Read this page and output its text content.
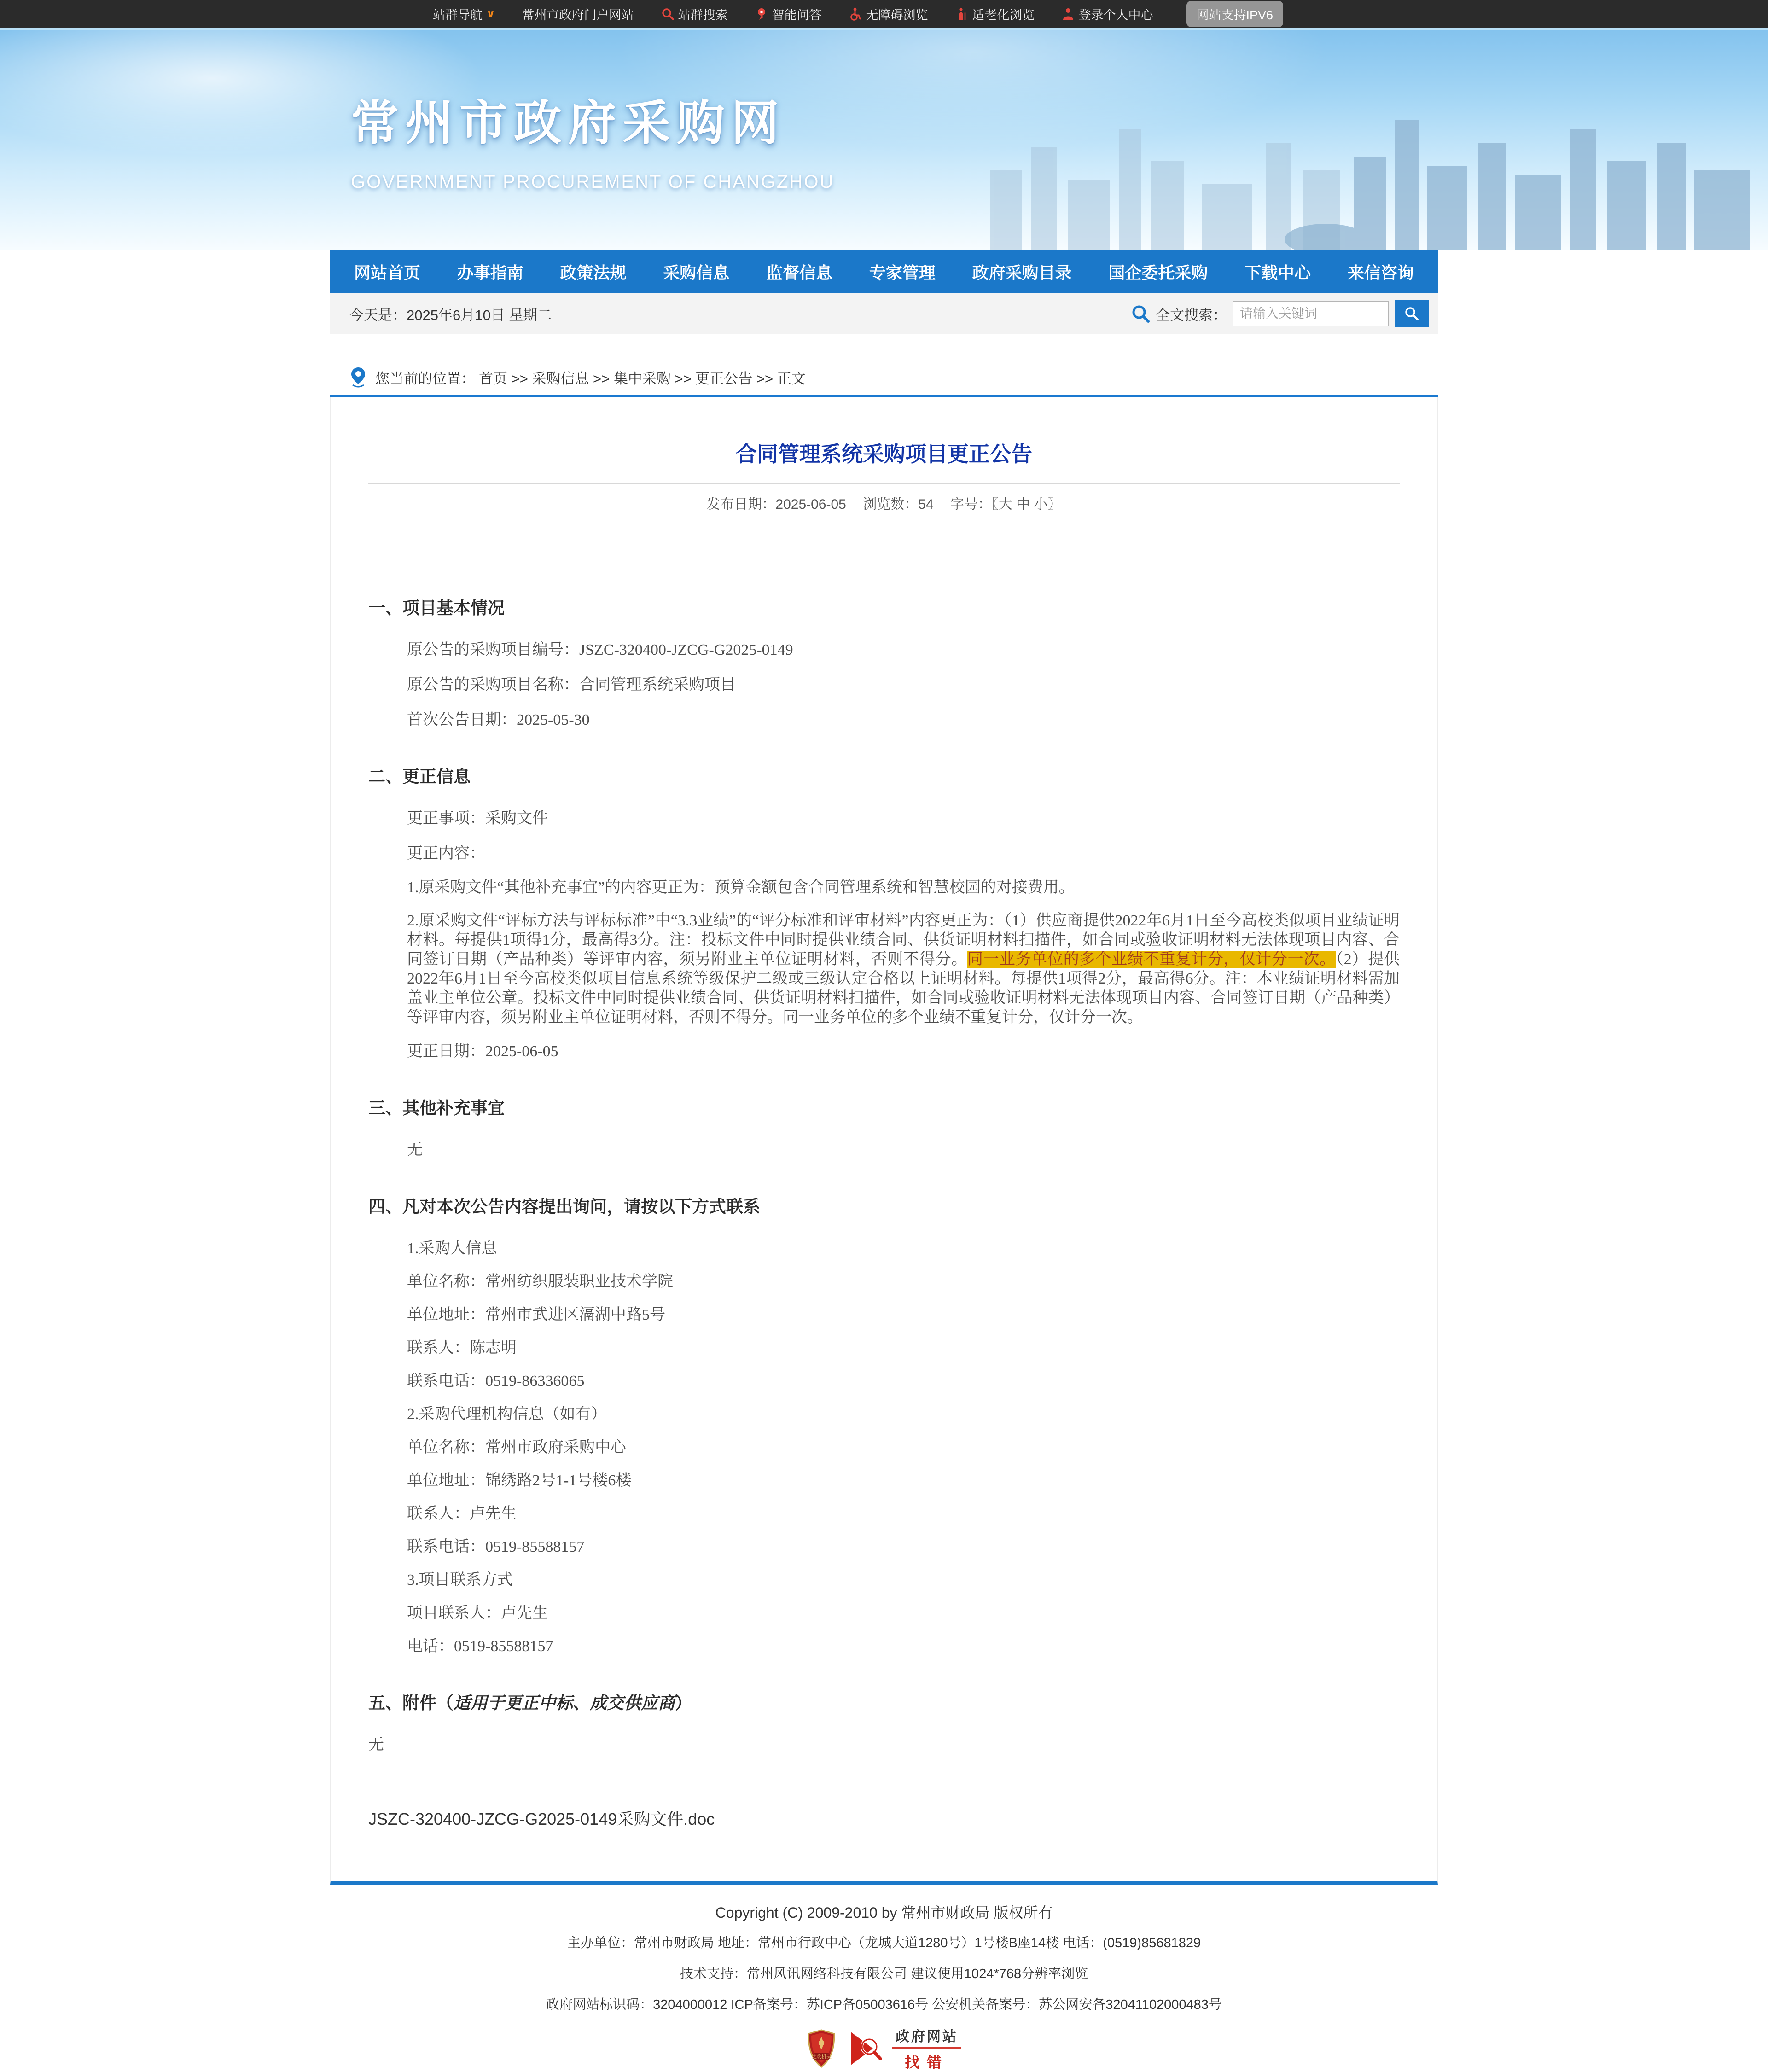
站群导航 ∨ 常州市政府门户网站	站群搜索	智能问答	无障碍浏览	适老化浏览	登录个人中心	网站支持IPV6
常州市政府采购网
GOVERNMENT PROCUREMENT OF CHANGZHOU
网站首页 办事指南 政策法规 采购信息 监督信息 专家管理 政府采购目录 国企委托采购 下载中心 来信咨询
今天是：2025年6月10日 星期二	全文搜索：
请输入关键词
您当前的位置： 首页 >> 采购信息 >> 集中采购 >> 更正公告 >> 正文
合同管理系统采购项目更正公告
发布日期：2025-06-05 浏览数：54 字号：〖大 中 小〗
一、项目基本情况

原公告的采购项目编号：JSZC-320400-JZCG-G2025-0149

原公告的采购项目名称：合同管理系统采购项目

首次公告日期：2025-05-30

二、更正信息

更正事项：采购文件

更正内容：

1.原采购文件“其他补充事宜”的内容更正为：预算金额包含合同管理系统和智慧校园的对接费用。

2.原采购文件“评标方法与评标标准”中“3.3业绩”的“评分标准和评审材料”内容更正为：（1）供应商提供2022年6月1日至今高校类似项目业绩证明材料。每提供1项得1分，最高得3分。注：投标文件中同时提供业绩合同、供货证明材料扫描件，如合同或验收证明材料无法体现项目内容、合同签订日期（产品种类）等评审内容，须另附业主单位证明材料，否则不得分。同一业务单位的多个业绩不重复计分，仅计分一次。（2）提供2022年6月1日至今高校类似项目信息系统等级保护二级或三级认定合格以上证明材料。每提供1项得2分，最高得6分。注：本业绩证明材料需加盖业主单位公章。投标文件中同时提供业绩合同、供货证明材料扫描件，如合同或验收证明材料无法体现项目内容、合同签订日期（产品种类）等评审内容，须另附业主单位证明材料，否则不得分。同一业务单位的多个业绩不重复计分，仅计分一次。

更正日期：2025-06-05

三、其他补充事宜

无

四、凡对本次公告内容提出询问，请按以下方式联系

1.采购人信息

单位名称：常州纺织服装职业技术学院

单位地址：常州市武进区滆湖中路5号

联系人：陈志明

联系电话：0519-86336065

2.采购代理机构信息（如有）

单位名称：常州市政府采购中心

单位地址：锦绣路2号1-1号楼6楼

联系人：卢先生

联系电话：0519-85588157

3.项目联系方式

项目联系人：卢先生

电话：0519-85588157

五、附件（适用于更正中标、成交供应商）

无

JSZC-320400-JZCG-G2025-0149采购文件.doc

Copyright (C) 2009-2010 by 常州市财政局 版权所有

主办单位：常州市财政局 地址：常州市行政中心（龙城大道1280号）1号楼B座14楼 电话：(0519)85681829

技术支持：常州风讯网络科技有限公司 建议使用1024*768分辨率浏览

政府网站标识码：3204000012 ICP备案号：苏ICP备05003616号 公安机关备案号：苏公网安备32041102000483号

党政机关
政府网站
找错
